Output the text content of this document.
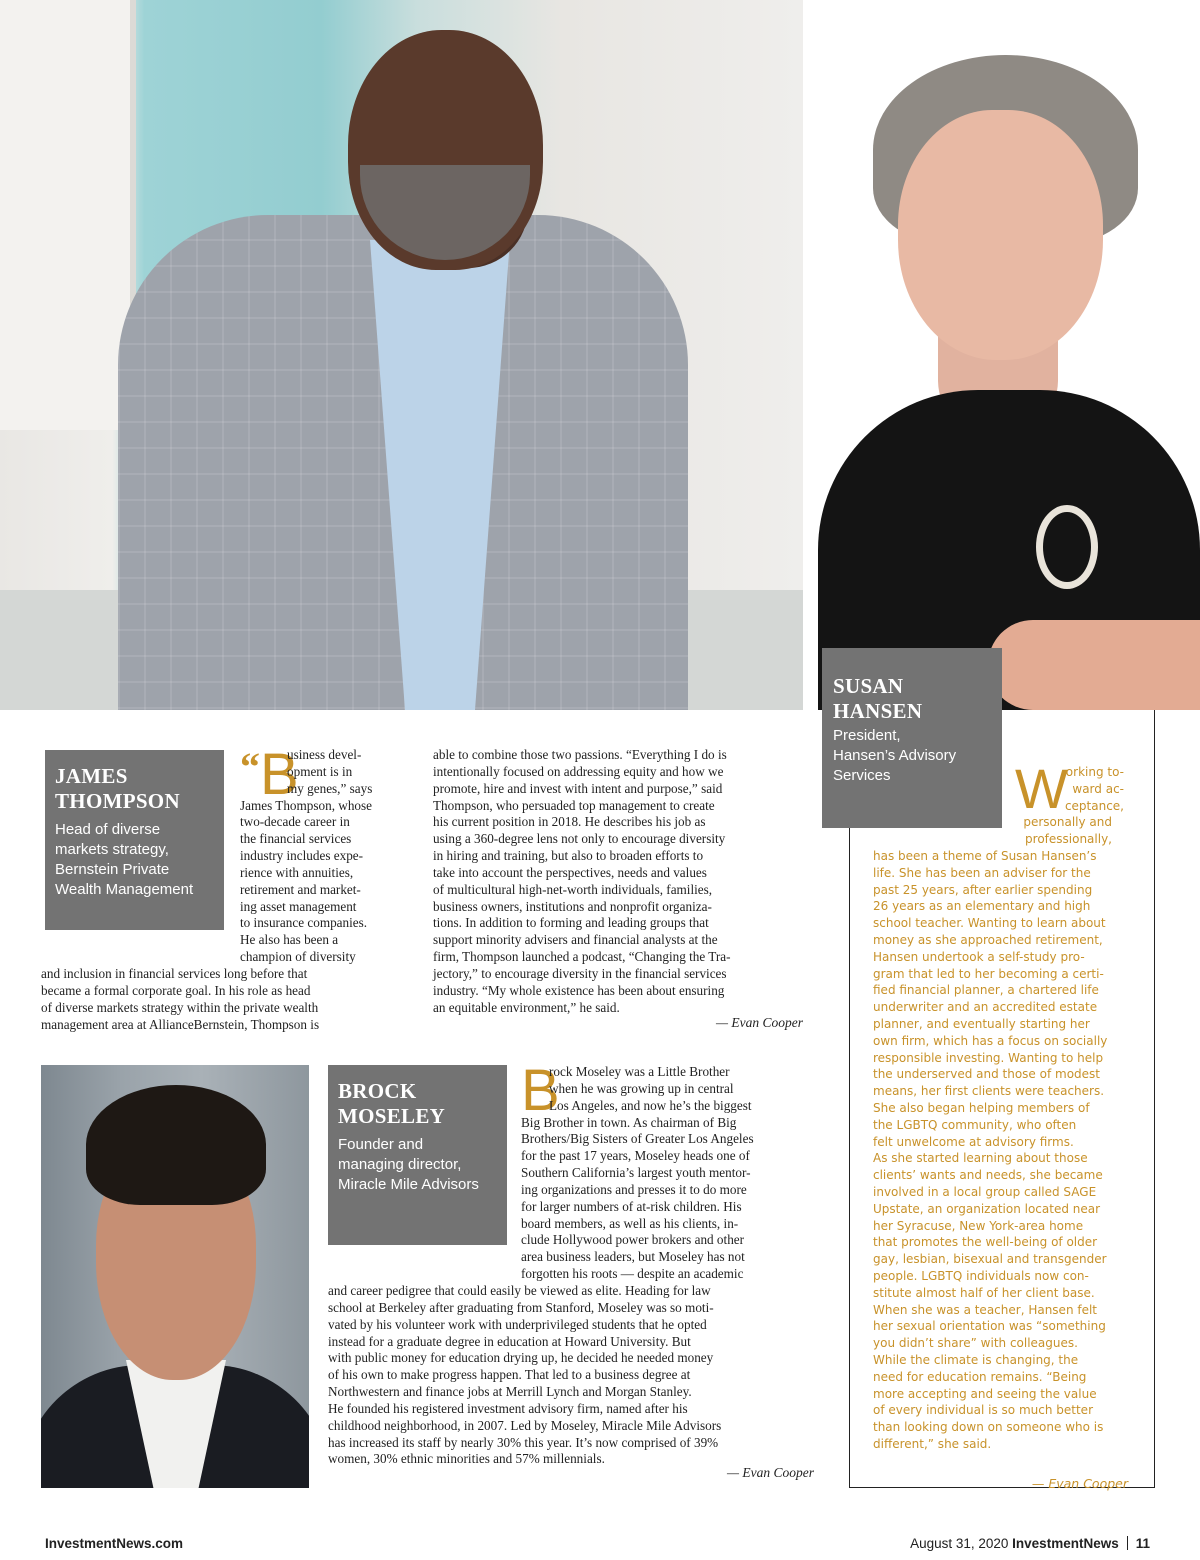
JAMES
THOMPSON
Head of diverse
markets strategy,
Bernstein Private
Wealth Management
“ B
usiness devel-
opment is in
my genes,” says
James Thompson, whose
two-decade career in
the financial services
industry includes expe-
rience with annuities,
retirement and market-
ing asset management
to insurance companies.
He also has been a
champion of diversity
and inclusion in financial services long before that
became a formal corporate goal. In his role as head
of diverse markets strategy within the private wealth
management area at AllianceBernstein, Thompson is
able to combine those two passions. “Everything I do is
intentionally focused on addressing equity and how we
promote, hire and invest with intent and purpose,” said
Thompson, who persuaded top management to create
his current position in 2018. He describes his job as
using a 360-degree lens not only to encourage diversity
in hiring and training, but also to broaden efforts to
take into account the perspectives, needs and values
of multicultural high-net-worth individuals, families,
business owners, institutions and nonprofit organiza-
tions. In addition to forming and leading groups that
support minority advisers and financial analysts at the
firm, Thompson launched a podcast, “Changing the Tra-
jectory,” to encourage diversity in the financial services
industry. “My whole existence has been about ensuring
an equitable environment,” he said.
— Evan Cooper
BROCK
MOSELEY
Founder and
managing director,
Miracle Mile Advisors
B
rock Moseley was a Little Brother
when he was growing up in central
Los Angeles, and now he’s the biggest
Big Brother in town. As chairman of Big
Brothers/Big Sisters of Greater Los Angeles
for the past 17 years, Moseley heads one of
Southern California’s largest youth mentor-
ing organizations and presses it to do more
for larger numbers of at-risk children. His
board members, as well as his clients, in-
clude Hollywood power brokers and other
area business leaders, but Moseley has not
forgotten his roots — despite an academic
and career pedigree that could easily be viewed as elite. Heading for law
school at Berkeley after graduating from Stanford, Moseley was so moti-
vated by his volunteer work with underprivileged students that he opted
instead for a graduate degree in education at Howard University. But
with public money for education drying up, he decided he needed money
of his own to make progress happen. That led to a business degree at
Northwestern and finance jobs at Merrill Lynch and Morgan Stanley.
He founded his registered investment advisory firm, named after his
childhood neighborhood, in 2007. Led by Moseley, Miracle Mile Advisors
has increased its staff by nearly 30% this year. It’s now comprised of 39%
women, 30% ethnic minorities and 57% millennials.
— Evan Cooper
SUSAN
HANSEN
President,
Hansen’s Advisory
Services	W
orking to-
ward ac-
ceptance,
personally and
professionally,
has been a theme of Susan Hansen’s
life. She has been an adviser for the
past 25 years, after earlier spending
26 years as an elementary and high
school teacher. Wanting to learn about
money as she approached retirement,
Hansen undertook a self-study pro-
gram that led to her becoming a certi-
fied financial planner, a chartered life
underwriter and an accredited estate
planner, and eventually starting her
own firm, which has a focus on socially
responsible investing. Wanting to help
the underserved and those of modest
means, her first clients were teachers.
She also began helping members of
the LGBTQ community, who often
felt unwelcome at advisory firms.
As she started learning about those
clients’ wants and needs, she became
involved in a local group called SAGE
Upstate, an organization located near
her Syracuse, New York-area home
that promotes the well-being of older
gay, lesbian, bisexual and transgender
people. LGBTQ individuals now con-
stitute almost half of her client base.
When she was a teacher, Hansen felt
her sexual orientation was “something
you didn’t share” with colleagues.
While the climate is changing, the
need for education remains. “Being
more accepting and seeing the value
of every individual is so much better
than looking down on someone who is
different,” she said.
— Evan Cooper
InvestmentNews.com	August 31, 2020 InvestmentNews 11
